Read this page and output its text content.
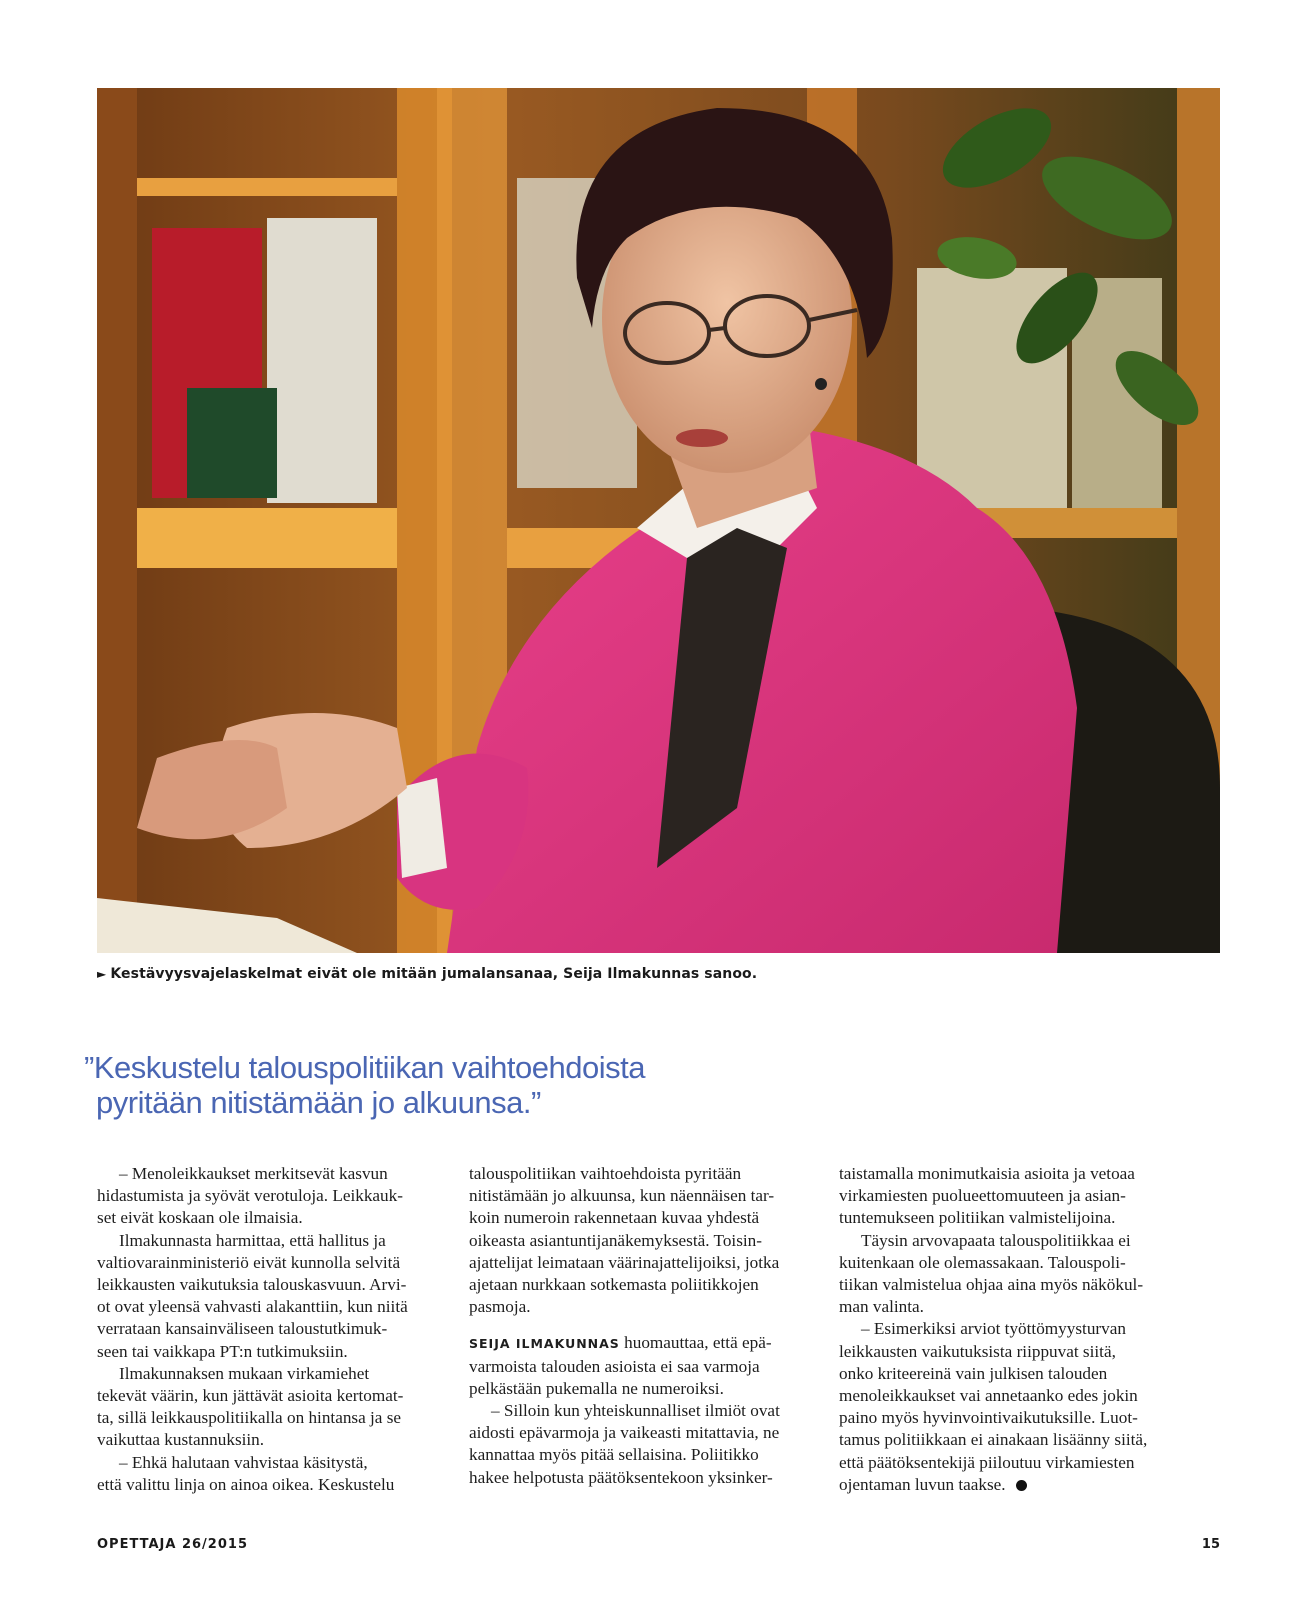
► Kestävyysvajelaskelmat eivät ole mitään jumalansanaa, Seija Ilmakunnas sanoo.
”Keskustelu talouspolitiikan vaihtoehdoista
pyritään nitistämään jo alkuunsa.”
– Menoleikkaukset merkitsevät kasvun
hidastumista ja syövät verotuloja. Leikkauk-
set eivät koskaan ole ilmaisia.
Ilmakunnasta harmittaa, että hallitus ja
valtiovarainministeriö eivät kunnolla selvitä
leikkausten vaikutuksia talouskasvuun. Arvi-
ot ovat yleensä vahvasti alakanttiin, kun niitä
verrataan kansainväliseen taloustutkimuk-
seen tai vaikkapa PT:n tutkimuksiin.
Ilmakunnaksen mukaan virkamiehet
tekevät väärin, kun jättävät asioita kertomat-
ta, sillä leikkauspolitiikalla on hintansa ja se
vaikuttaa kustannuksiin.
– Ehkä halutaan vahvistaa käsitystä,
että valittu linja on ainoa oikea. Keskustelu
talouspolitiikan vaihtoehdoista pyritään
nitistämään jo alkuunsa, kun näennäisen tar-
koin numeroin rakennetaan kuvaa yhdestä
oikeasta asiantuntijanäkemyksestä. Toisin-
ajattelijat leimataan väärinajattelijoiksi, jotka
ajetaan nurkkaan sotkemasta poliitikkojen
pasmoja.
SEIJA ILMAKUNNAS huomauttaa, että epä-
varmoista talouden asioista ei saa varmoja
pelkästään pukemalla ne numeroiksi.
– Silloin kun yhteiskunnalliset ilmiöt ovat
aidosti epävarmoja ja vaikeasti mitattavia, ne
kannattaa myös pitää sellaisina. Poliitikko
hakee helpotusta päätöksentekoon yksinker-
taistamalla monimutkaisia asioita ja vetoaa
virkamiesten puolueettomuuteen ja asian-
tuntemukseen politiikan valmistelijoina.
Täysin arvovapaata talouspolitiikkaa ei
kuitenkaan ole olemassakaan. Talouspoli-
tiikan valmistelua ohjaa aina myös näkökul-
man valinta.
– Esimerkiksi arviot työttömyysturvan
leikkausten vaikutuksista riippuvat siitä,
onko kriteereinä vain julkisen talouden
menoleikkaukset vai annetaanko edes jokin
paino myös hyvinvointivaikutuksille. Luot-
tamus politiikkaan ei ainakaan lisäänny siitä,
että päätöksentekijä piiloutuu virkamiesten
ojentaman luvun taakse.
OPETTAJA 26/2015	15
